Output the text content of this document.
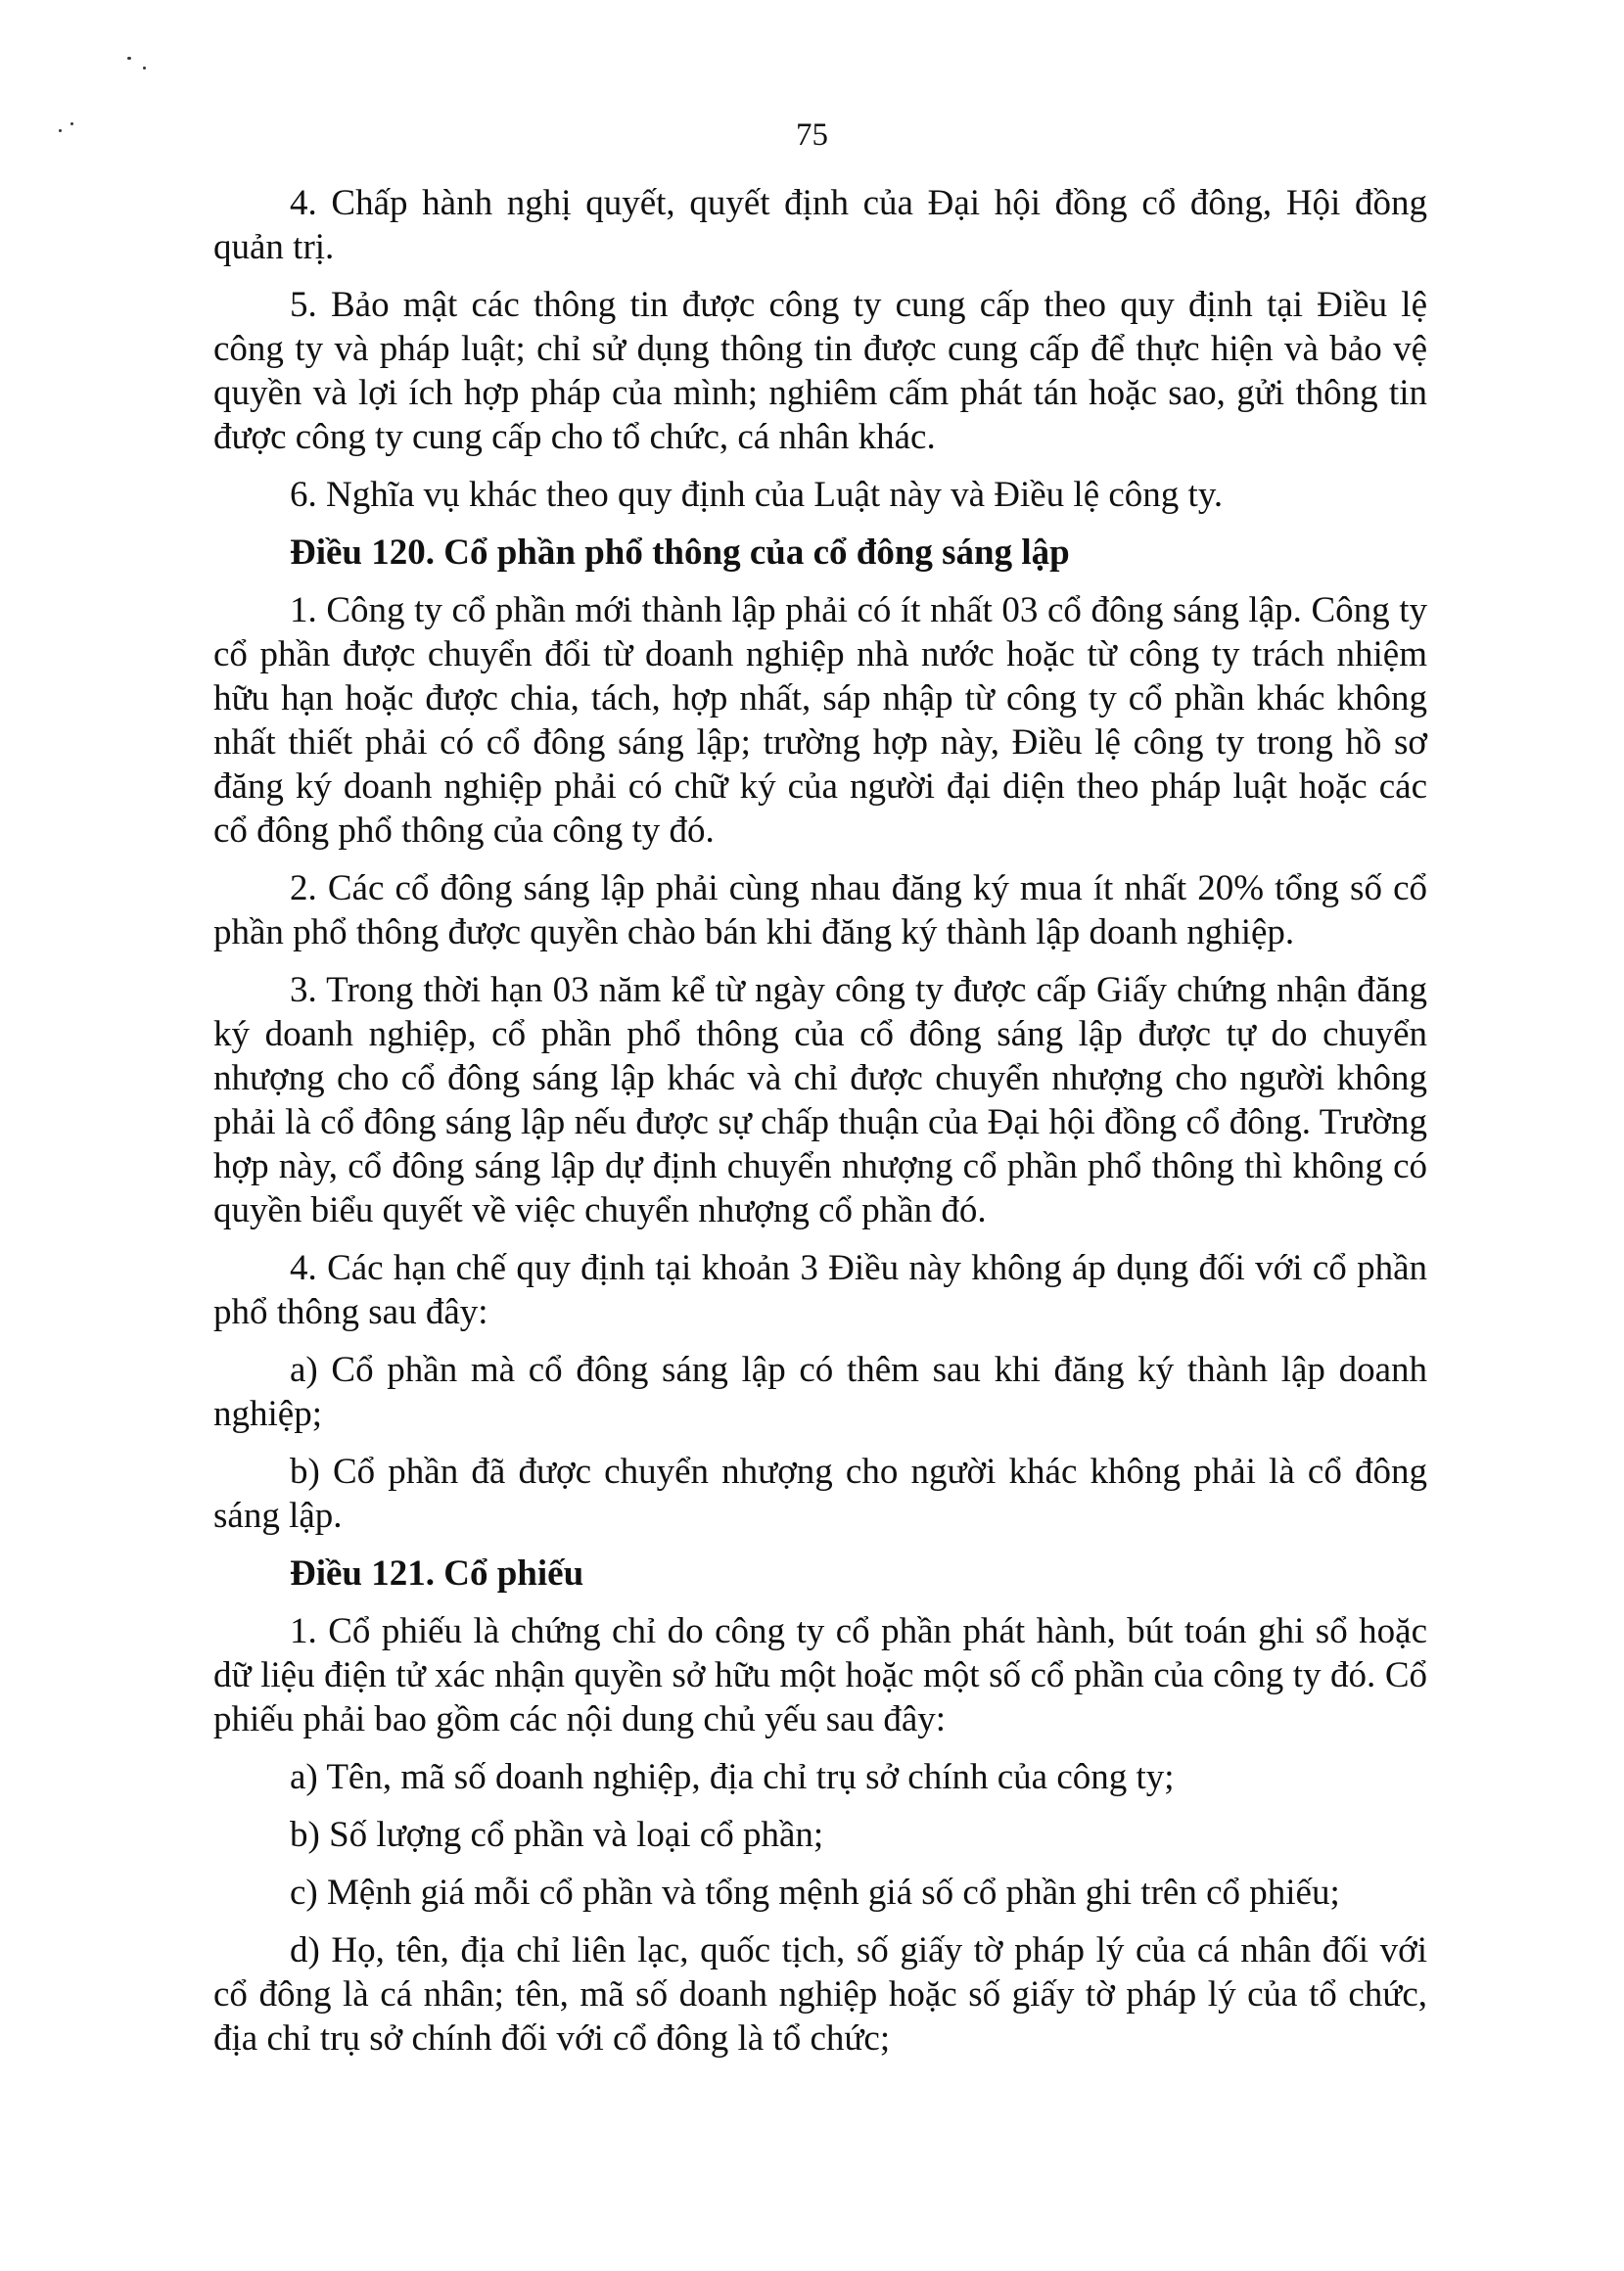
75

4. Chấp hành nghị quyết, quyết định của Đại hội đồng cổ đông, Hội đồng quản trị.

5. Bảo mật các thông tin được công ty cung cấp theo quy định tại Điều lệ công ty và pháp luật; chỉ sử dụng thông tin được cung cấp để thực hiện và bảo vệ quyền và lợi ích hợp pháp của mình; nghiêm cấm phát tán hoặc sao, gửi thông tin được công ty cung cấp cho tổ chức, cá nhân khác.

6. Nghĩa vụ khác theo quy định của Luật này và Điều lệ công ty.

Điều 120. Cổ phần phổ thông của cổ đông sáng lập

1. Công ty cổ phần mới thành lập phải có ít nhất 03 cổ đông sáng lập. Công ty cổ phần được chuyển đổi từ doanh nghiệp nhà nước hoặc từ công ty trách nhiệm hữu hạn hoặc được chia, tách, hợp nhất, sáp nhập từ công ty cổ phần khác không nhất thiết phải có cổ đông sáng lập; trường hợp này, Điều lệ công ty trong hồ sơ đăng ký doanh nghiệp phải có chữ ký của người đại diện theo pháp luật hoặc các cổ đông phổ thông của công ty đó.

2. Các cổ đông sáng lập phải cùng nhau đăng ký mua ít nhất 20% tổng số cổ phần phổ thông được quyền chào bán khi đăng ký thành lập doanh nghiệp.

3. Trong thời hạn 03 năm kể từ ngày công ty được cấp Giấy chứng nhận đăng ký doanh nghiệp, cổ phần phổ thông của cổ đông sáng lập được tự do chuyển nhượng cho cổ đông sáng lập khác và chỉ được chuyển nhượng cho người không phải là cổ đông sáng lập nếu được sự chấp thuận của Đại hội đồng cổ đông. Trường hợp này, cổ đông sáng lập dự định chuyển nhượng cổ phần phổ thông thì không có quyền biểu quyết về việc chuyển nhượng cổ phần đó.

4. Các hạn chế quy định tại khoản 3 Điều này không áp dụng đối với cổ phần phổ thông sau đây:

a) Cổ phần mà cổ đông sáng lập có thêm sau khi đăng ký thành lập doanh nghiệp;

b) Cổ phần đã được chuyển nhượng cho người khác không phải là cổ đông sáng lập.

Điều 121. Cổ phiếu

1. Cổ phiếu là chứng chỉ do công ty cổ phần phát hành, bút toán ghi sổ hoặc dữ liệu điện tử xác nhận quyền sở hữu một hoặc một số cổ phần của công ty đó. Cổ phiếu phải bao gồm các nội dung chủ yếu sau đây:

a) Tên, mã số doanh nghiệp, địa chỉ trụ sở chính của công ty;

b) Số lượng cổ phần và loại cổ phần;

c) Mệnh giá mỗi cổ phần và tổng mệnh giá số cổ phần ghi trên cổ phiếu;

d) Họ, tên, địa chỉ liên lạc, quốc tịch, số giấy tờ pháp lý của cá nhân đối với cổ đông là cá nhân; tên, mã số doanh nghiệp hoặc số giấy tờ pháp lý của tổ chức, địa chỉ trụ sở chính đối với cổ đông là tổ chức;
